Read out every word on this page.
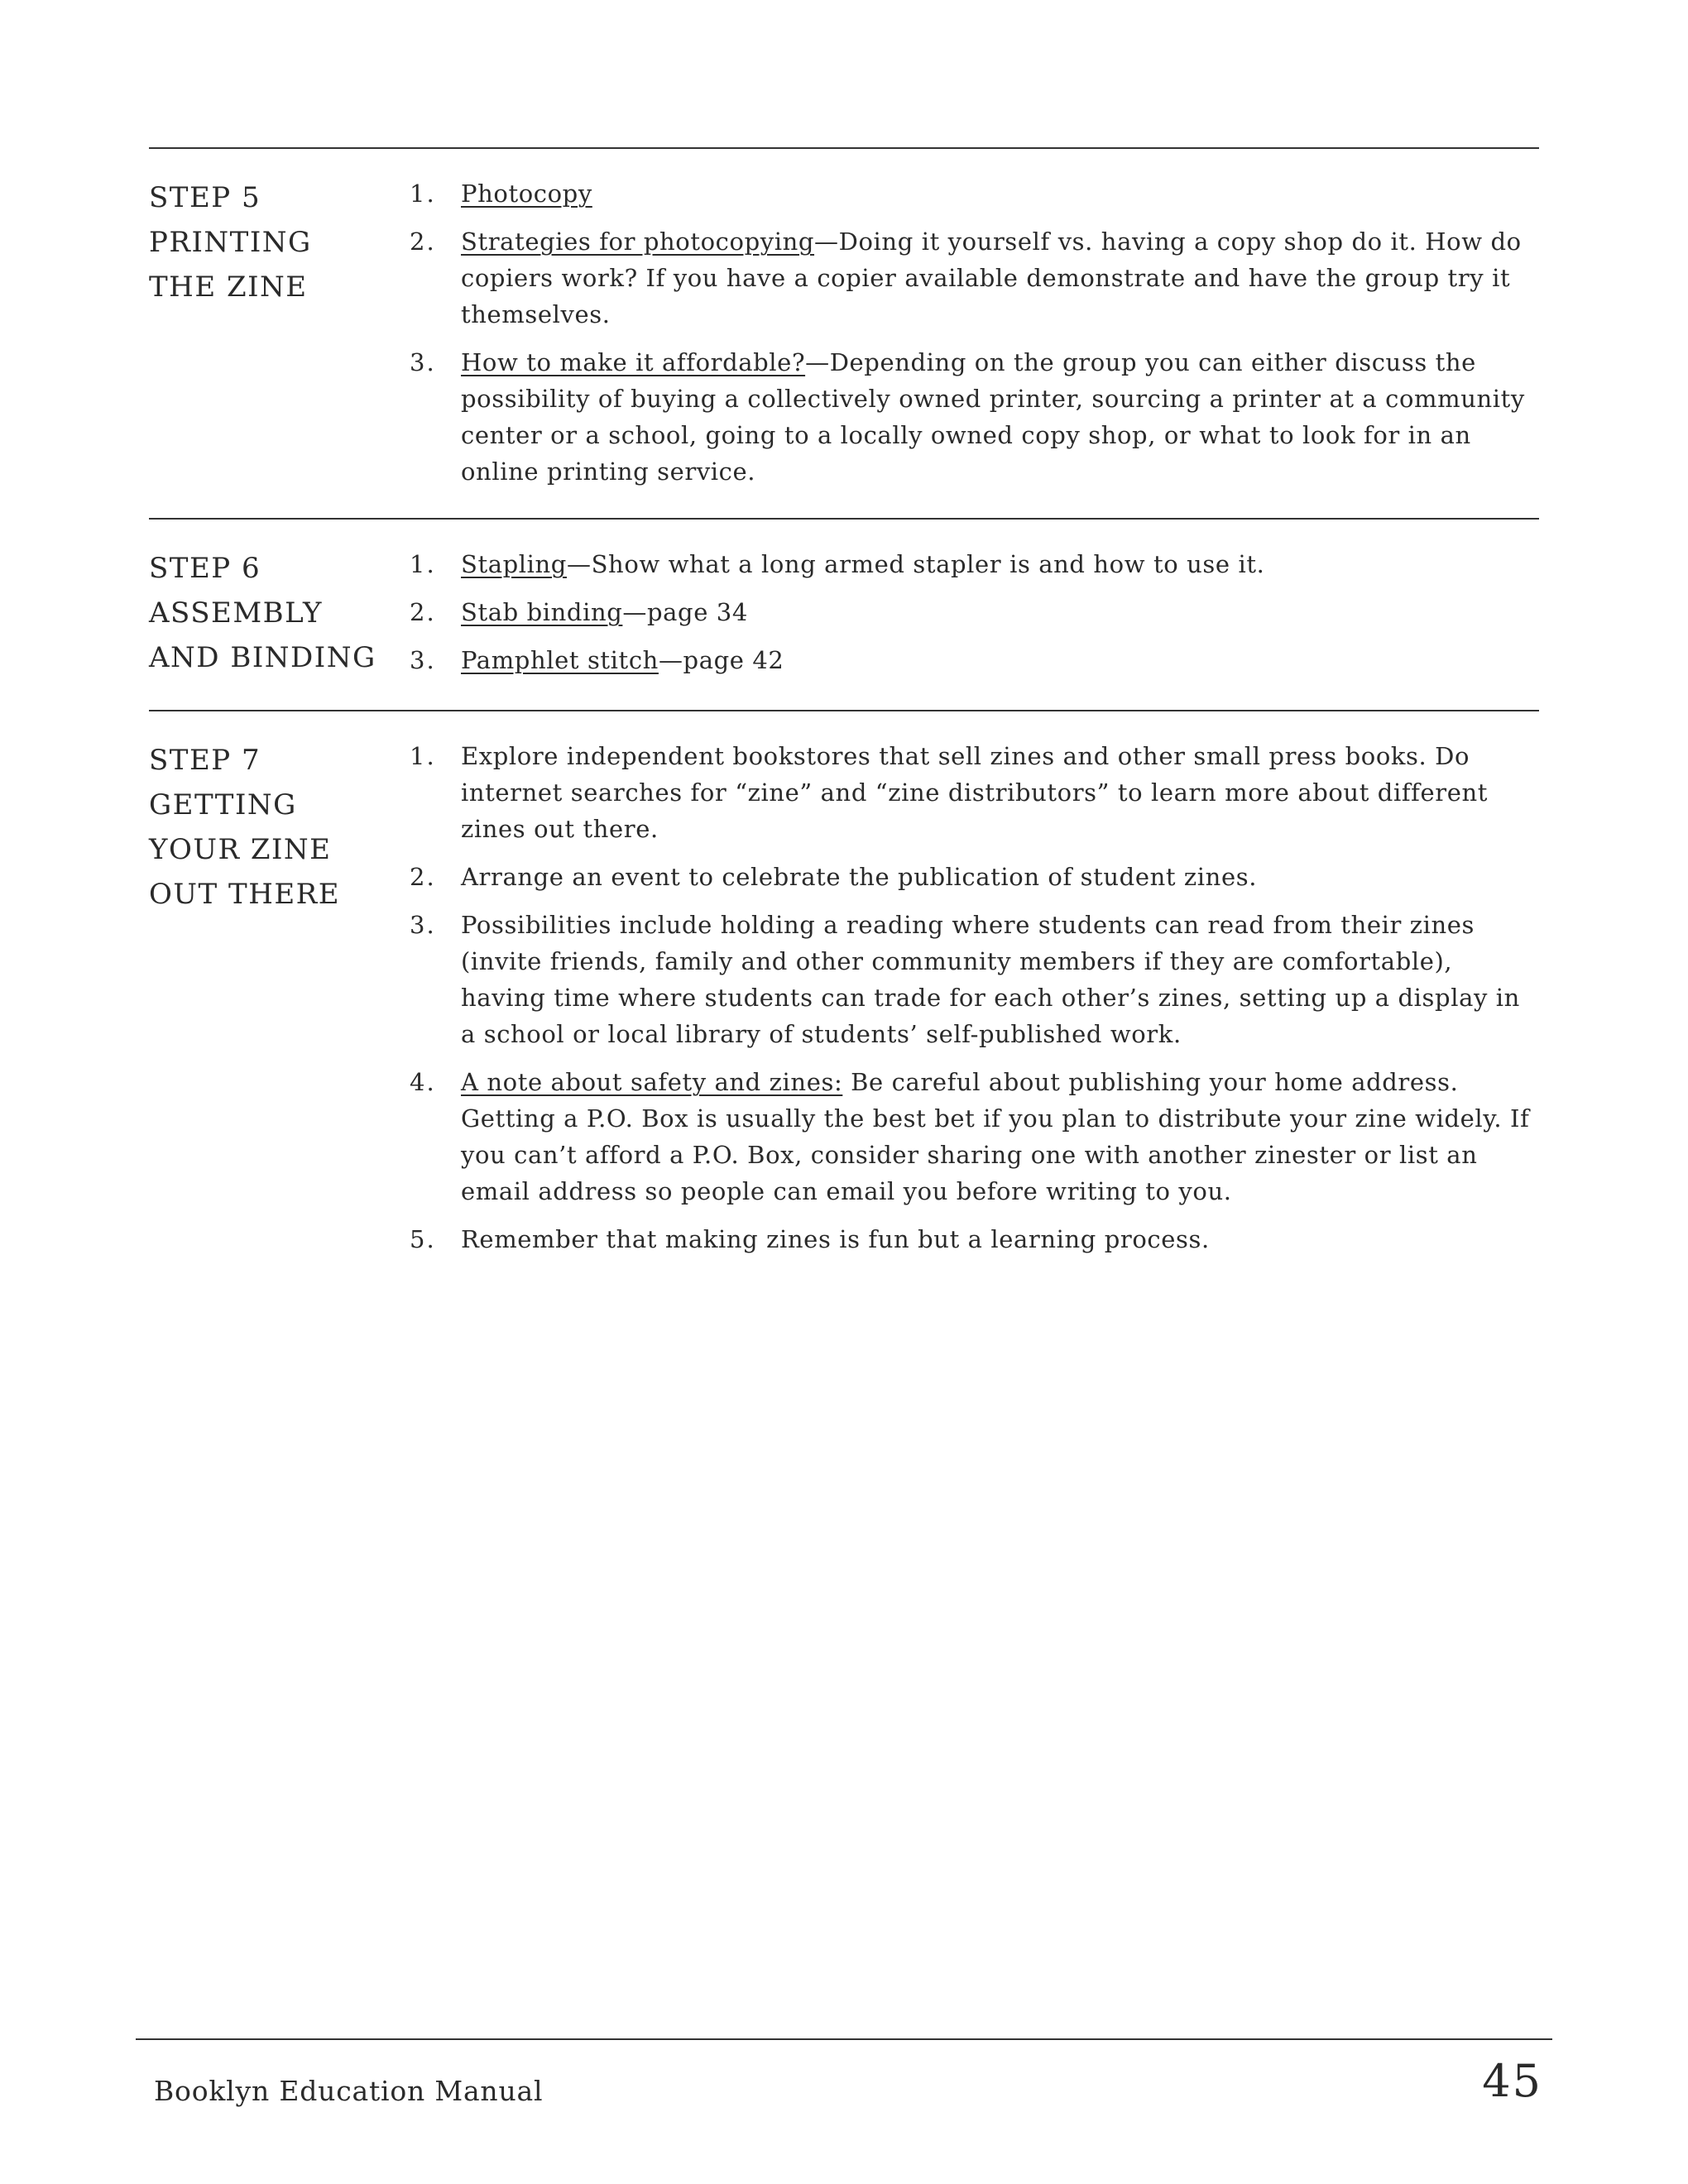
STEP 5
PRINTING
THE ZINE
1.	Photocopy
2.	Strategies for photocopying—Doing it yourself vs. having a copy shop do it. How do copiers work? If you have a copier available demonstrate and have the group try it themselves.
3.	How to make it affordable?—Depending on the group you can either discuss the possibility of buying a collectively owned printer, sourcing a printer at a community center or a school, going to a locally owned copy shop, or what to look for in an online printing service.
STEP 6
ASSEMBLY
AND BINDING
1.	Stapling—Show what a long armed stapler is and how to use it.
2.	Stab binding—page 34
3.	Pamphlet stitch—page 42
STEP 7
GETTING
YOUR ZINE
OUT THERE
1.	Explore independent bookstores that sell zines and other small press books. Do internet searches for “zine” and “zine distributors” to learn more about different zines out there.
2.	Arrange an event to celebrate the publication of student zines.
3.	Possibilities include holding a reading where students can read from their zines (invite friends, family and other community members if they are comfortable), having time where students can trade for each other’s zines, setting up a display in a school or local library of students’ self-published work.
4.	A note about safety and zines: Be careful about publishing your home address. Getting a P.O. Box is usually the best bet if you plan to distribute your zine widely. If you can’t afford a P.O. Box, consider sharing one with another zinester or list an email address so people can email you before writing to you.
5.	Remember that making zines is fun but a learning process.
Booklyn Education Manual	45
